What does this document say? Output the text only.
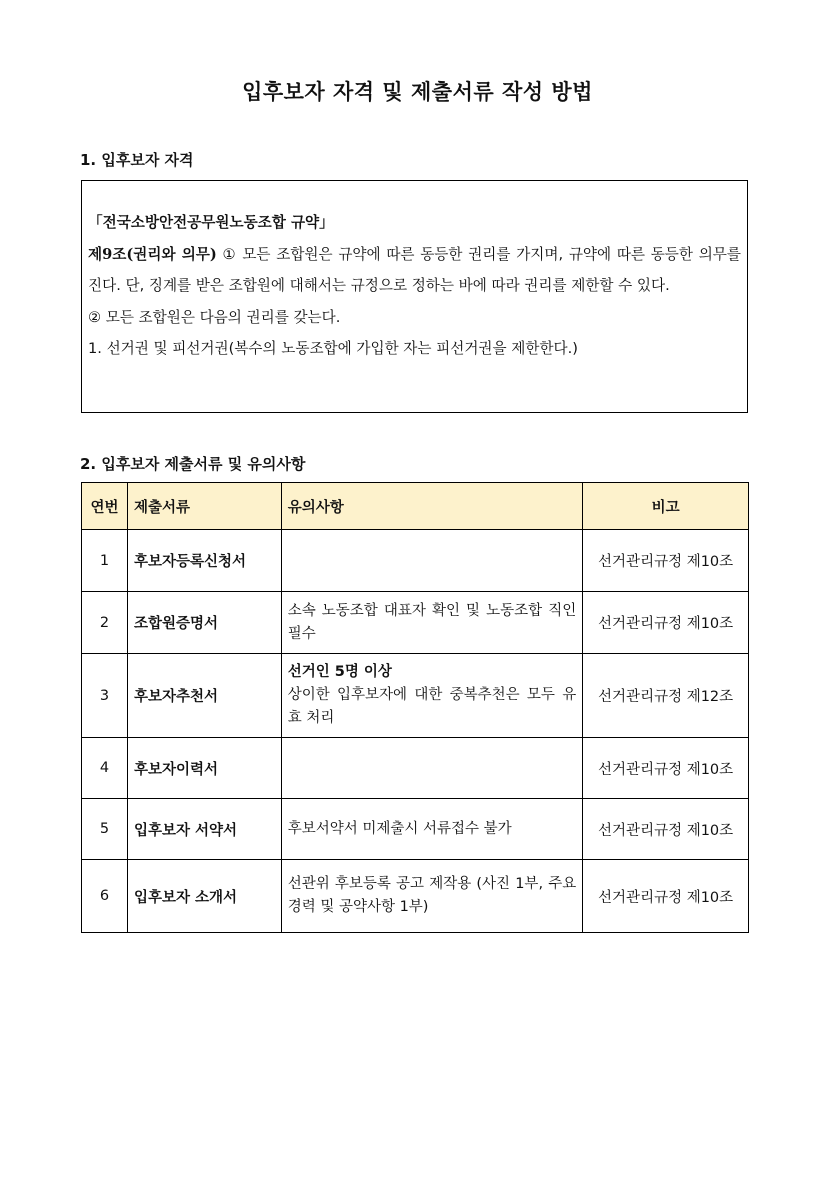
입후보자 자격 및 제출서류 작성 방법
1. 입후보자 자격
「전국소방안전공무원노동조합 규약」
제9조(권리와 의무) ① 모든 조합원은 규약에 따른 동등한 권리를 가지며, 규약에 따른 동등한 의무를 진다. 단, 징계를 받은 조합원에 대해서는 규정으로 정하는 바에 따라 권리를 제한할 수 있다.
② 모든 조합원은 다음의 권리를 갖는다.
1. 선거권 및 피선거권(복수의 노동조합에 가입한 자는 피선거권을 제한한다.)
2. 입후보자 제출서류 및 유의사항
연번	제출서류	유의사항	비고
1	후보자등록신청서		선거관리규정 제10조
2	조합원증명서	소속 노동조합 대표자 확인 및 노동조합 직인 필수	선거관리규정 제10조
3	후보자추천서	선거인 5명 이상
상이한 입후보자에 대한 중복추천은 모두 유효 처리	선거관리규정 제12조
4	후보자이력서		선거관리규정 제10조
5	입후보자 서약서	후보서약서 미제출시 서류접수 불가	선거관리규정 제10조
6	입후보자 소개서	선관위 후보등록 공고 제작용 (사진 1부, 주요 경력 및 공약사항 1부)	선거관리규정 제10조
